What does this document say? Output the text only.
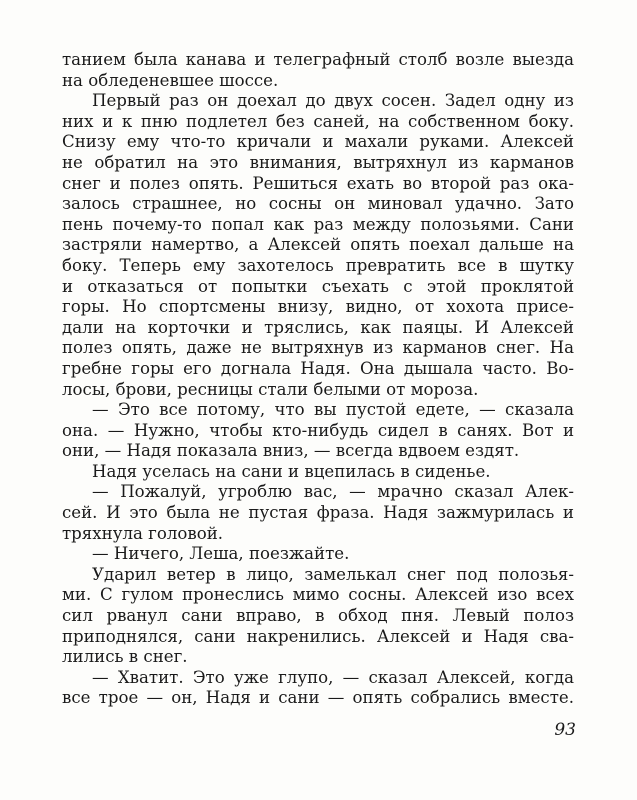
танием была канава и телеграфный столб возле выезда
на обледеневшее шоссе.
Первый раз он доехал до двух сосен. Задел одну из
них и к пню подлетел без саней, на собственном боку.
Снизу ему что-то кричали и махали руками. Алексей
не обратил на это внимания, вытряхнул из карманов
снег и полез опять. Решиться ехать во второй раз ока-
залось страшнее, но сосны он миновал удачно. Зато
пень почему-то попал как раз между полозьями. Сани
застряли намертво, а Алексей опять поехал дальше на
боку. Теперь ему захотелось превратить все в шутку
и отказаться от попытки съехать с этой проклятой
горы. Но спортсмены внизу, видно, от хохота присе-
дали на корточки и тряслись, как паяцы. И Алексей
полез опять, даже не вытряхнув из карманов снег. На
гребне горы его догнала Надя. Она дышала часто. Во-
лосы, брови, ресницы стали белыми от мороза.
— Это все потому, что вы пустой едете, — сказала
она. — Нужно, чтобы кто-нибудь сидел в санях. Вот и
они, — Надя показала вниз, — всегда вдвоем ездят.
Надя уселась на сани и вцепилась в сиденье.
— Пожалуй, угроблю вас, — мрачно сказал Алек-
сей. И это была не пустая фраза. Надя зажмурилась и
тряхнула головой.
— Ничего, Леша, поезжайте.
Ударил ветер в лицо, замелькал снег под полозья-
ми. С гулом пронеслись мимо сосны. Алексей изо всех
сил рванул сани вправо, в обход пня. Левый полоз
приподнялся, сани накренились. Алексей и Надя сва-
лились в снег.
— Хватит. Это уже глупо, — сказал Алексей, когда
все трое — он, Надя и сани — опять собрались вместе.
93
